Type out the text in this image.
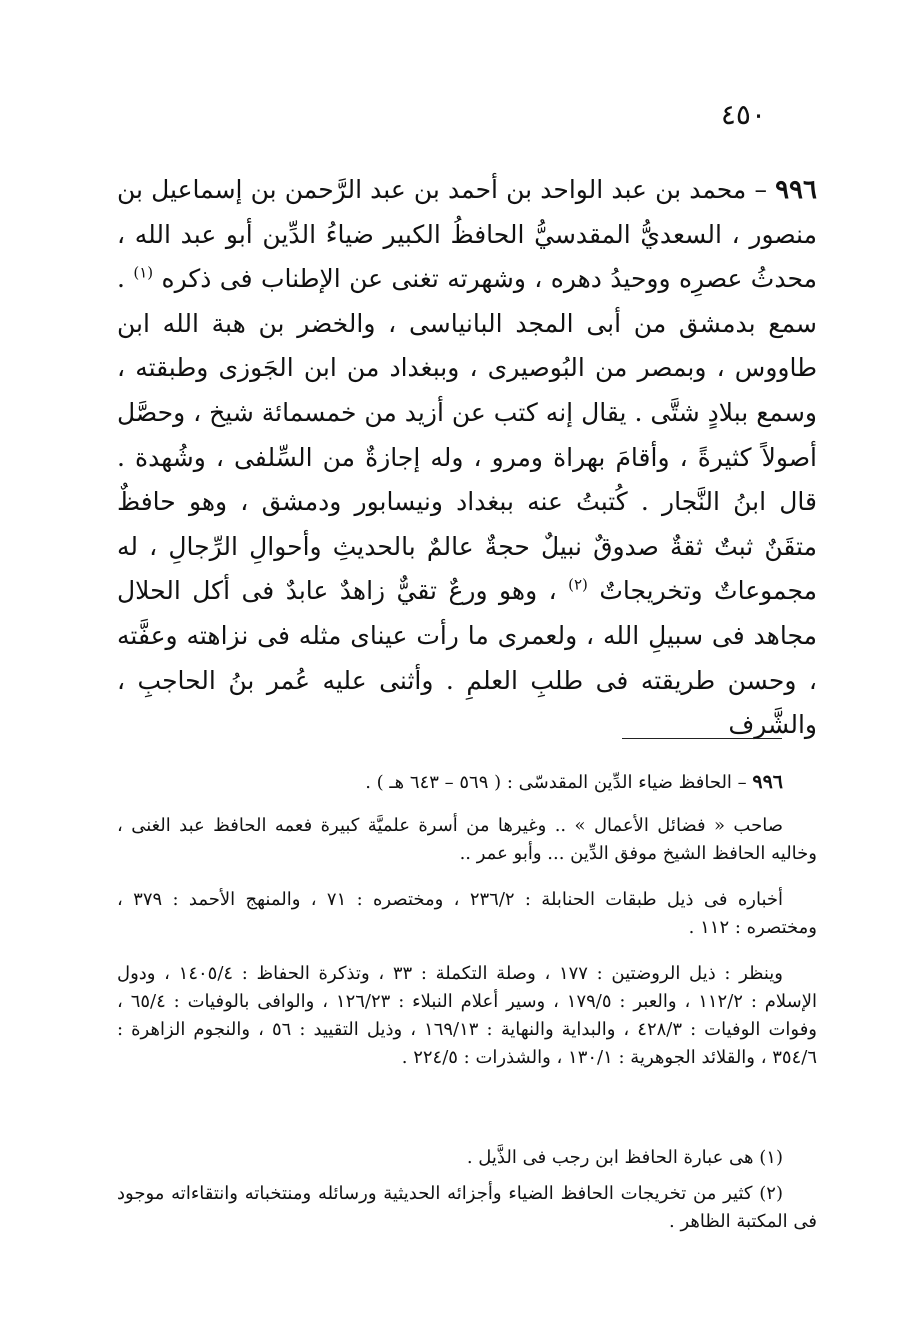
٤٥٠
٩٩٦ – محمد بن عبد الواحد بن أحمد بن عبد الرَّحمن بن إسماعيل بن منصور ، السعديُّ المقدسيُّ الحافظُ الكبير ضياءُ الدِّين أبو عبد الله ، محدثُ عصرِه ووحيدُ دهره ، وشهرته تغنى عن الإطناب فى ذكره $^{(١)}$ . سمع بدمشق من أبى المجد البانياسى ، والخضر بن هبة الله ابن طاووس ، وبمصر من البُوصيرى ، وببغداد من ابن الجَوزى وطبقته ، وسمع ببلادٍ شتَّى . يقال إنه كتب عن أزيد من خمسمائة شيخ ، وحصَّل أصولاً كثيرةً ، وأقامَ بهراة ومرو ، وله إجازةٌ من السِّلفى ، وشُهدة . قال ابنُ النَّجار . كُتبتُ عنه ببغداد ونيسابور ودمشق ، وهو حافظٌ متقَنٌ ثبتٌ ثقةٌ صدوقٌ نبيلٌ حجةٌ عالمٌ بالحديثِ وأحوالِ الرِّجالِ ، له مجموعاتٌ وتخريجاتٌ $^{(٢)}$ ، وهو ورعٌ تقيٌّ زاهدٌ عابدٌ فى أكل الحلال مجاهد فى سبيلِ الله ، ولعمرى ما رأت عيناى مثله فى نزاهته وعفَّته ، وحسن طريقته فى طلبِ العلمِ . وأثنى عليه عُمر بنُ الحاجبِ ، والشَّرف
٩٩٦ – الحافظ ضياء الدِّين المقدسّى : ( ٥٦٩ – ٦٤٣ هـ ) .
صاحب « فضائل الأعمال » .. وغيرها من أسرة علميَّة كبيرة فعمه الحافظ عبد الغنى ، وخاليه الحافظ الشيخ موفق الدِّين ... وأبو عمر ..
أخباره فى ذيل طبقات الحنابلة : ٢٣٦/٢ ، ومختصره : ٧١ ، والمنهج الأحمد : ٣٧٩ ، ومختصره : ١١٢ .
وينظر : ذيل الروضتين : ١٧٧ ، وصلة التكملة : ٣٣ ، وتذكرة الحفاظ : ١٤٠٥/٤ ، ودول الإسلام : ١١٢/٢ ، والعبر : ١٧٩/٥ ، وسير أعلام النبلاء : ١٢٦/٢٣ ، والوافى بالوفيات : ٦٥/٤ ، وفوات الوفيات : ٤٢٨/٣ ، والبداية والنهاية : ١٦٩/١٣ ، وذيل التقييد : ٥٦ ، والنجوم الزاهرة : ٣٥٤/٦ ، والقلائد الجوهرية : ١٣٠/١ ، والشذرات : ٢٢٤/٥ .
(١) هى عبارة الحافظ ابن رجب فى الذَّيل .
(٢) كثير من تخريجات الحافظ الضياء وأجزائه الحديثية ورسائله ومنتخباته وانتقاءاته موجود فى المكتبة الظاهر .
